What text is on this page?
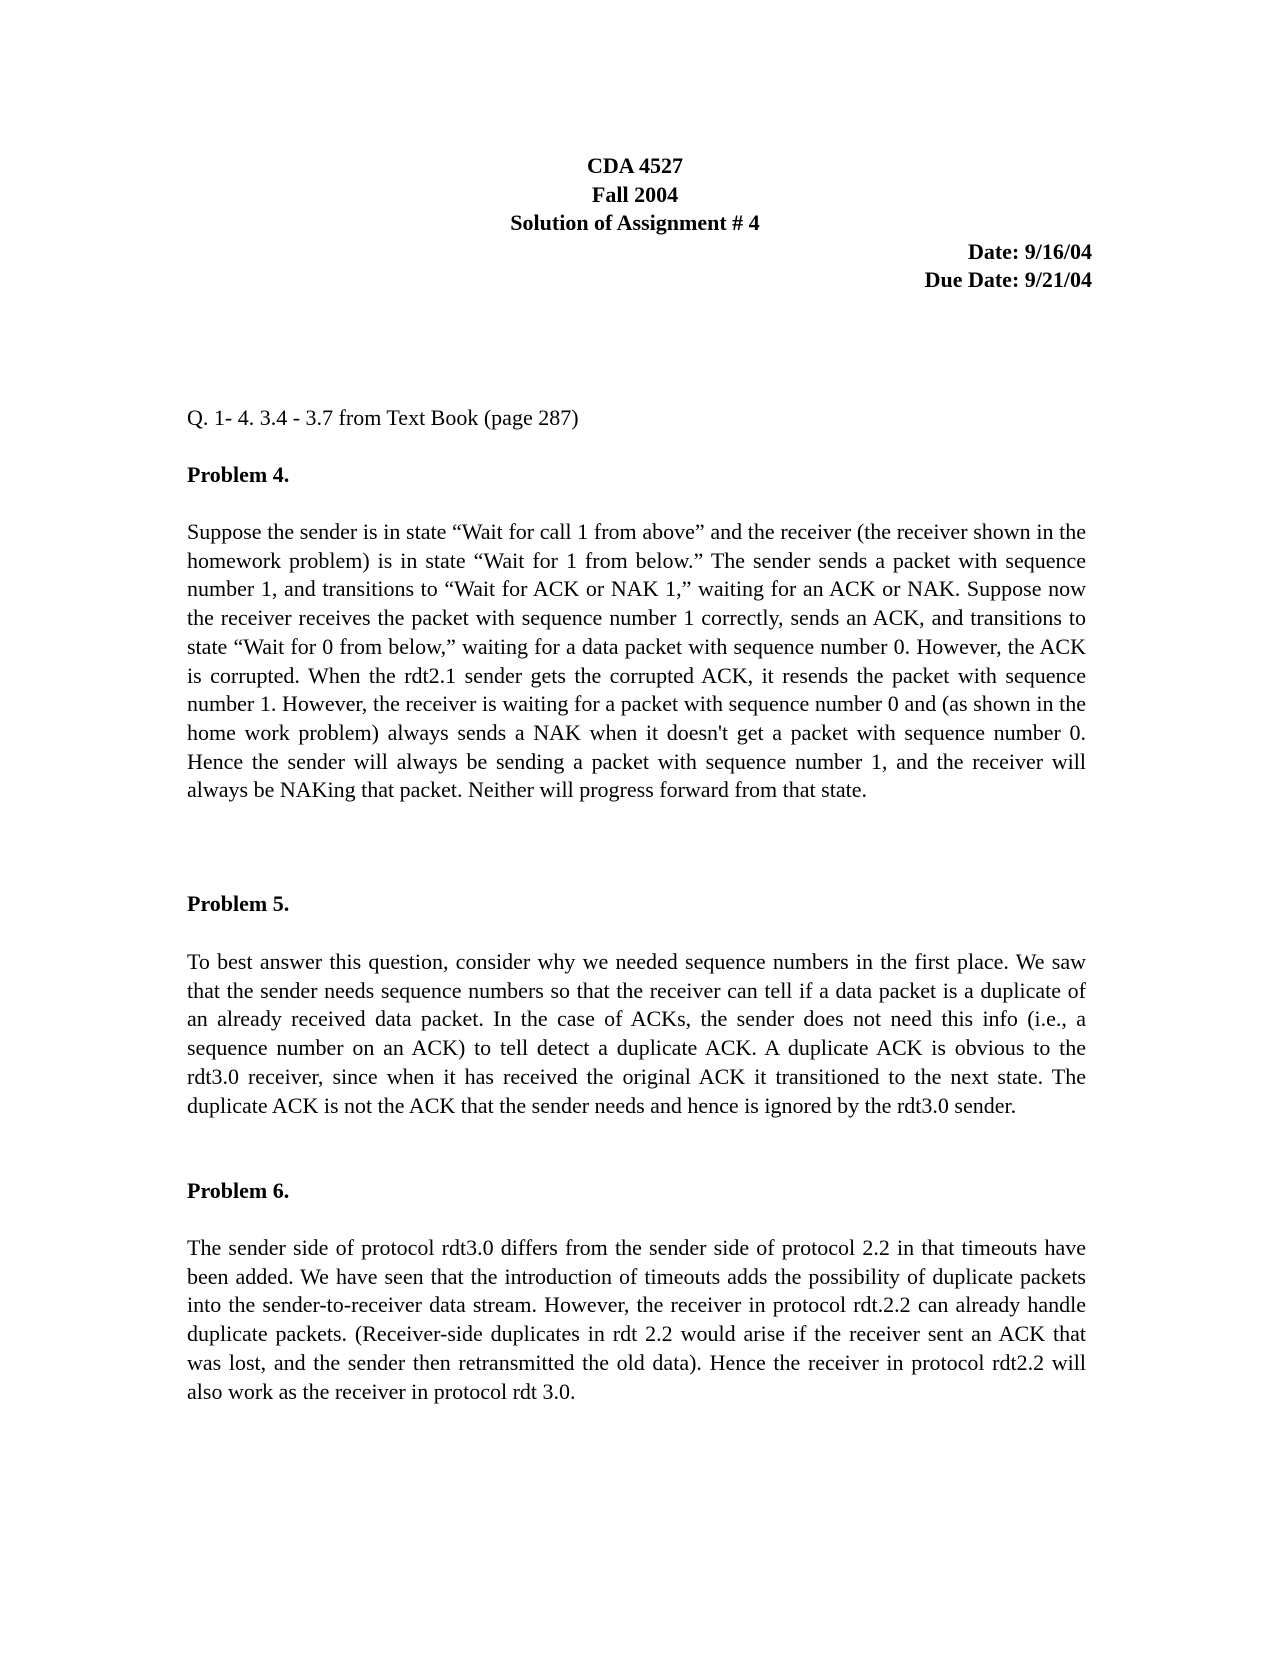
CDA 4527

Fall 2004

Solution of Assignment # 4

Date: 9/16/04

Due Date: 9/21/04

Q. 1- 4. 3.4 - 3.7 from Text Book (page 287)

Problem 4.

Suppose the sender is in state “Wait for call 1 from above” and the receiver (the receiver shown in the homework problem) is in state “Wait for 1 from below.” The sender sends a packet with sequence number 1, and transitions to “Wait for ACK or NAK 1,” waiting for an ACK or NAK. Suppose now the receiver receives the packet with sequence number 1 correctly, sends an ACK, and transitions to state “Wait for 0 from below,” waiting for a data packet with sequence number 0. However, the ACK is corrupted. When the rdt2.1 sender gets the corrupted ACK, it resends the packet with sequence number 1. However, the receiver is waiting for a packet with sequence number 0 and (as shown in the home work problem) always sends a NAK when it doesn't get a packet with sequence number 0. Hence the sender will always be sending a packet with sequence number 1, and the receiver will always be NAKing that packet. Neither will progress forward from that state.

Problem 5.

To best answer this question, consider why we needed sequence numbers in the first place. We saw that the sender needs sequence numbers so that the receiver can tell if a data packet is a duplicate of an already received data packet. In the case of ACKs, the sender does not need this info (i.e., a sequence number on an ACK) to tell detect a duplicate ACK. A duplicate ACK is obvious to the rdt3.0 receiver, since when it has received the original ACK it transitioned to the next state. The duplicate ACK is not the ACK that the sender needs and hence is ignored by the rdt3.0 sender.

Problem 6.

The sender side of protocol rdt3.0 differs from the sender side of protocol 2.2 in that timeouts have been added. We have seen that the introduction of timeouts adds the possibility of duplicate packets into the sender-to-receiver data stream. However, the receiver in protocol rdt.2.2 can already handle duplicate packets. (Receiver-side duplicates in rdt 2.2 would arise if the receiver sent an ACK that was lost, and the sender then retransmitted the old data). Hence the receiver in protocol rdt2.2 will also work as the receiver in protocol rdt 3.0.
